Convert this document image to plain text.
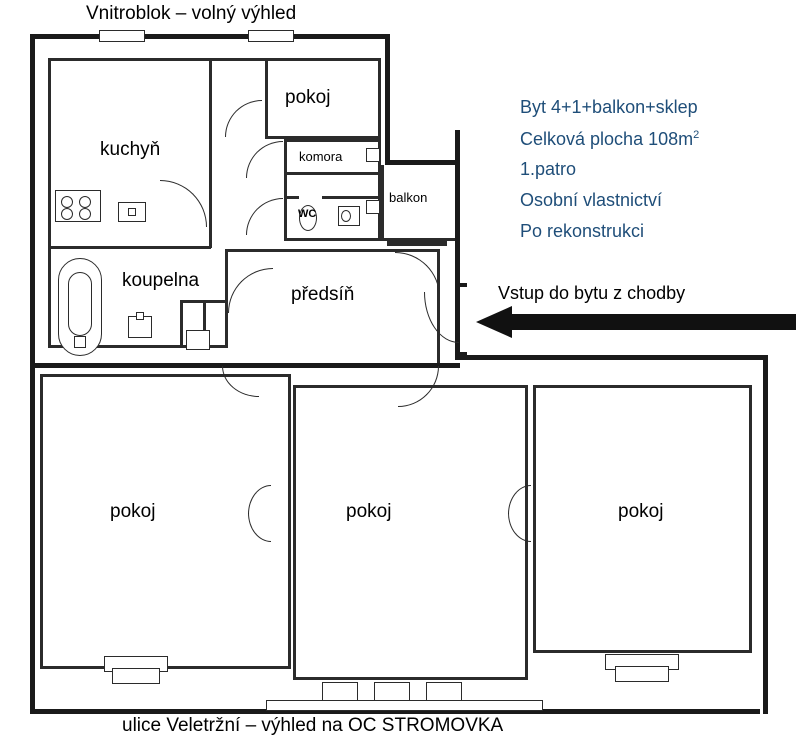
Vnitroblok – volný výhled
kuchyň
pokoj
komora
WC
balkon
koupelna
předsíň
pokoj	pokoj	pokoj
Byt 4+1+balkon+sklep
Celková plocha $108m^2$
1.patro
Osobní vlastnictví
Po rekonstrukci
Vstup do bytu z chodby
ulice Veletržní – výhled na OC STROMOVKA
